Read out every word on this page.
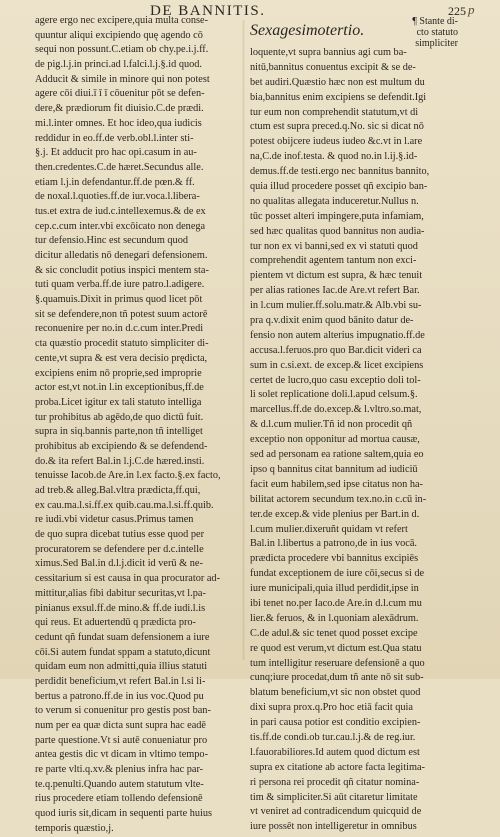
DE BANNITIS.	225 p
agere ergo nec excipere,quia multa conse-
quuntur aliqui excipiendo quę agendo cō
sequi non possunt.C.etiam ob chy.pe.i.j.ff.
de pig.l.j.in princi.ad l.falci.l.j.§.id quod.
Adducit & simile in minore qui non potest
agere cōi diui.ī ī ī cōuenitur pōt se defen-
dere,& prædiorum fit diuisio.C.de prædi.
mi.l.inter omnes. Et hoc ideo,qua iudicis
reddidur in eo.ff.de verb.obl.l.inter sti-
§.j. Et adducit pro hac opi.casum in au-
then.credentes.C.de hæret.Secundus alle.
etiam l.j.in defendantur.ff.de pœn.& ff.
de noxal.l.quoties.ff.de iur.voca.l.libera-
tus.et extra de iud.c.intellexemus.& de ex
cep.c.cum inter.vbi excōicato non denega
tur defensio.Hinc est secundum quod
dicitur alledatis nō denegari defensionem.
& sic concludit potius inspici mentem sta-
tuti quam verba.ff.de iure patro.l.adigere.
§.quamuis.Dixit in primus quod licet pōt
sit se defendere,non tñ potest suum actorē
reconuenire per no.in d.c.cum inter.Predi
cta quæstio procedit statuto simpliciter di-
cente,vt supra & est vera decisio prędicta,
excipiens enim nō proprie,sed improprie
actor est,vt not.in l.in exceptionibus,ff.de
proba.Licet igitur ex tali statuto intelliga
tur prohibitus ab agēdo,de quo dictū fuit.
supra in siq.bannis parte,non tñ intelliget
prohibitus ab excipiendo & se defendend-
do.& ita refert Bal.in l.j.C.de hæred.insti.
tenuisse Iacob.de Are.in l.ex facto.§.ex facto,
ad treb.& alleg.Bal.vltra prædicta,ff.qui,
ex cau.ma.l.si.ff.ex quib.cau.ma.l.si.ff.quib.
re iudi.vbi videtur casus.Primus tamen
de quo supra dicebat tutius esse quod per
procuratorem se defendere per d.c.intelle
ximus.Sed Bal.in d.l.j.dicit id verū & ne-
cessitarium si est causa in qua procurator ad-
mittitur,alias fibi dabitur securitas,vt l.pa-
pinianus exsul.ff.de mino.& ff.de iudi.l.is
qui reus. Et aduertendū q prædicta pro-
cedunt qñ fundat suam defensionem a iure
cōi.Si autem fundat sppam a statuto,dicunt
quidam eum non admitti,quia illius statuti
perdidit beneficium,vt refert Bal.in l.si li-
bertus a patrono.ff.de in ius voc.Quod pu
to verum si conuenitur pro gestis post ban-
num per ea quæ dicta sunt supra hac eadē
parte questione.Vt si autē conueniatur pro
antea gestis dic vt dicam in vltimo tempo-
re parte vlti.q.xv.& plenius infra hac par-
te.q.penulti.Quando autem statutum vlte-
rius procedere etiam tollendo defensionē
quod iuris sit,dicam in sequenti parte huius
temporis quæstio,j.
Sexagesimotertio.
¶ Stante di-
cto statuto
simpliciter
loquente,vt supra bannius agi cum ba-
nitū,bannitus conuentus excipit & se de-
bet audiri.Quæstio hæc non est multum du
bia,bannitus enim excipiens se defendit.Igi
tur eum non comprehendit statutum,vt di
ctum est supra preced.q.No. sic si dicat nō
potest obijcere iudeus iudeo &c.vt in l.are
na,C.de inof.testa. & quod no.in l.ij.§.id-
demus.ff.de testi.ergo nec bannitus bannito,
quia illud procedere posset qñ excipio ban-
no qualitas allegata induceretur.Nullus n.
tūc posset alteri impingere,puta infamiam,
sed hæc qualitas quod bannitus non audia-
tur non ex vi banni,sed ex vi statuti quod
comprehendit agentem tantum non exci-
pientem vt dictum est supra, & hæc tenuit
per alias rationes Iac.de Are.vt refert Bar.
in l.cum mulier.ff.solu.matr.& Alb.vbi su-
pra q.v.dixit enim quod bānito datur de-
fensio non autem alterius impugnatio.ff.de
accusa.l.feruos.pro quo Bar.dicit videri ca
sum in c.si.ext. de excep.& licet excipiens
certet de lucro,quo casu exceptio doli tol-
li solet replicatione doli.l.apud celsum.§.
marcellus.ff.de do.excep.& l.vltro.so.mat,
& d.l.cum mulier.Tñ id non procedit qñ
exceptio non opponitur ad mortua causæ,
sed ad personam ea ratione saltem,quia eo
ipso q bannitus citat bannitum ad iudiciū
facit eum habilem,sed ipse citatus non ha-
bilitat actorem secundum tex.no.in c.cū in-
ter.de excep.& vide plenius per Bart.in d.
l.cum mulier.dixeruñt quidam vt refert
Bal.in l.libertus a patrono,de in ius vocā.
prædicta procedere vbi bannitus excipiēs
fundat exceptionem de iure cōi,secus si de
iure municipali,quia illud perdidit,ipse in
ibi tenet no.per Iaco.de Are.in d.l.cum mu
lier.& feruos, & in l.quoniam alexādrum.
C.de adul.& sic tenet quod posset excipe
re quod est verum,vt dictum est.Qua statu
tum intelligitur reseruare defensionē a quo
cunq;iure procedat,dum tñ ante nō sit sub-
blatum beneficium,vt sic non obstet quod
dixi supra prox.q.Pro hoc etiā facit quia
in pari causa potior est conditio excipien-
tis.ff.de condi.ob tur.cau.l.j.& de reg.iur.
l.fauorabiliores.Id autem quod dictum est
supra ex citatione ab actore facta legitima-
ri persona rei procedit qñ citatur nomina-
tim & simpliciter.Si aūt citaretur limitate
vt veniret ad contradicendum quicquid de
iure possēt non intelligeretur in omnibus
